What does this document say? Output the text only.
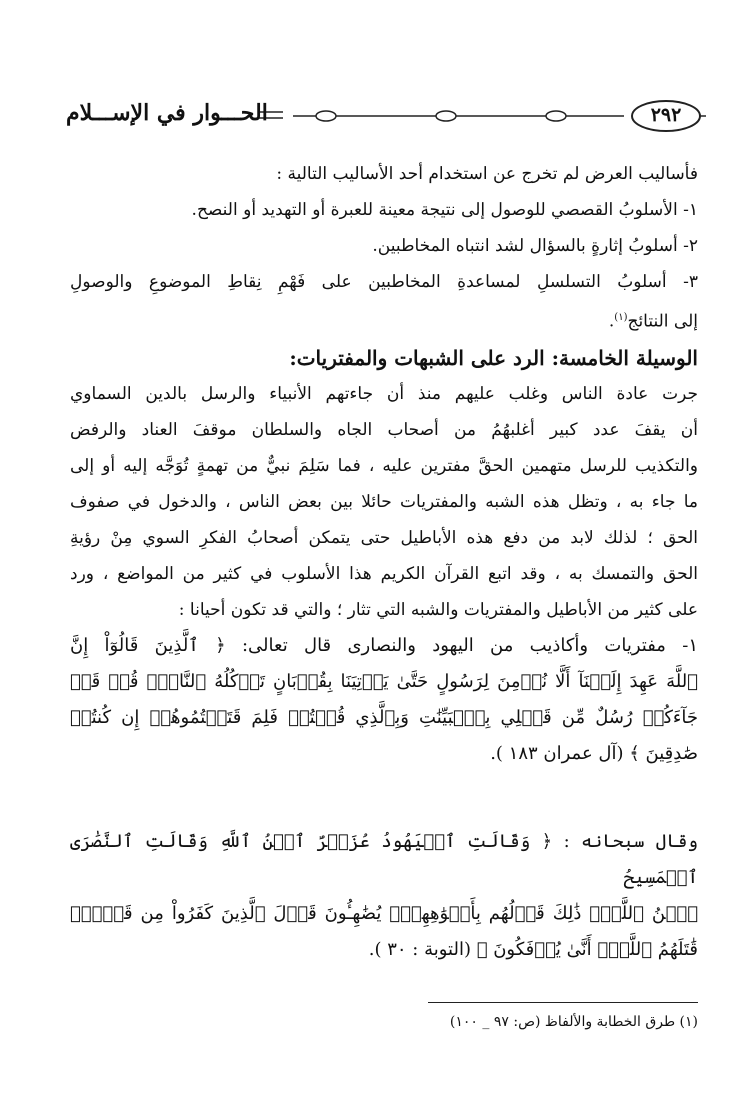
الحـــوار في الإســـلام	٢٩٢
فأساليب العرض لم تخرج عن استخدام أحد الأساليب التالية :
١- الأسلوبُ القصصي للوصول إلى نتيجة معينة للعبرة أو التهديد أو النصح.
٢- أسلوبُ إثارةٍ بالسؤال لشد انتباه المخاطبين.
٣- أسلوبُ التسلسلِ لمساعدةِ المخاطبين على فَهْمِ نِقاطِ الموضوعِ والوصولِ
إلى النتائج$^{(١)}$.
الوسيلة الخامسة: الرد على الشبهات والمفتريات:
جرت عادة الناس وغلب عليهم منذ أن جاءتهم الأنبياء والرسل بالدين السماوي
أن يقفَ عدد كبير أغلبهُمُ من أصحاب الجاه والسلطان موقفَ العناد والرفض
والتكذيب للرسل متهمين الحقَّ مفترين عليه ، فما سَلِمَ نبيٌّ من تهمةٍ تُوَجَّه إليه أو إلى
ما جاء به ، وتظل هذه الشبه والمفتريات حائلا بين بعض الناس ، والدخول في صفوف
الحق ؛ لذلك لابد من دفع هذه الأباطيل حتى يتمكن أصحابُ الفكرِ السوي مِنْ رؤيةِ
الحق والتمسك به ، وقد اتبع القرآن الكريم هذا الأسلوب في كثير من المواضع ، ورد
على كثير من الأباطيل والمفتريات والشبه التي تثار ؛ والتي قد تكون أحيانا :
١- مفتريات وأكاذيب من اليهود والنصارى قال تعالى: ﴿ ٱلَّذِينَ قَالُوٓاْ إِنَّ
ٱللَّهَ عَهِدَ إِلَيۡنَآ أَلَّا نُؤۡمِنَ لِرَسُولٍ حَتَّىٰ يَأۡتِيَنَا بِقُرۡبَانٍ تَأۡكُلُهُ ٱلنَّارُۗ قُلۡ قَدۡ
جَآءَكُمۡ رُسُلٌ مِّن قَبۡلِي بِٱلۡبَيِّنَٰتِ وَبِٱلَّذِي قُلۡتُمۡ فَلِمَ قَتَلۡتُمُوهُمۡ إِن كُنتُمۡ
صَٰدِقِينَ ﴾ (آل عمران ١٨٣ ).
وقال سبحانه : ﴿ وَقَالَتِ ٱلۡيَهُودُ عُزَيۡرٌ ٱبۡنُ ٱللَّهِ وَقَالَتِ ٱلنَّصَٰرَى ٱلۡمَسِيحُ
ٱبۡنُ ٱللَّهِۖ ذَٰلِكَ قَوۡلُهُم بِأَفۡوَٰهِهِمۡۖ يُضَٰهِـُٔونَ قَوۡلَ ٱلَّذِينَ كَفَرُواْ مِن قَبۡلُۚ
قَٰتَلَهُمُ ٱللَّهُۖ أَنَّىٰ يُؤۡفَكُونَ ﴾ (التوبة : ٣٠ ).
(١) طرق الخطابة والألفاظ (ص: ٩٧ _ ١٠٠)
